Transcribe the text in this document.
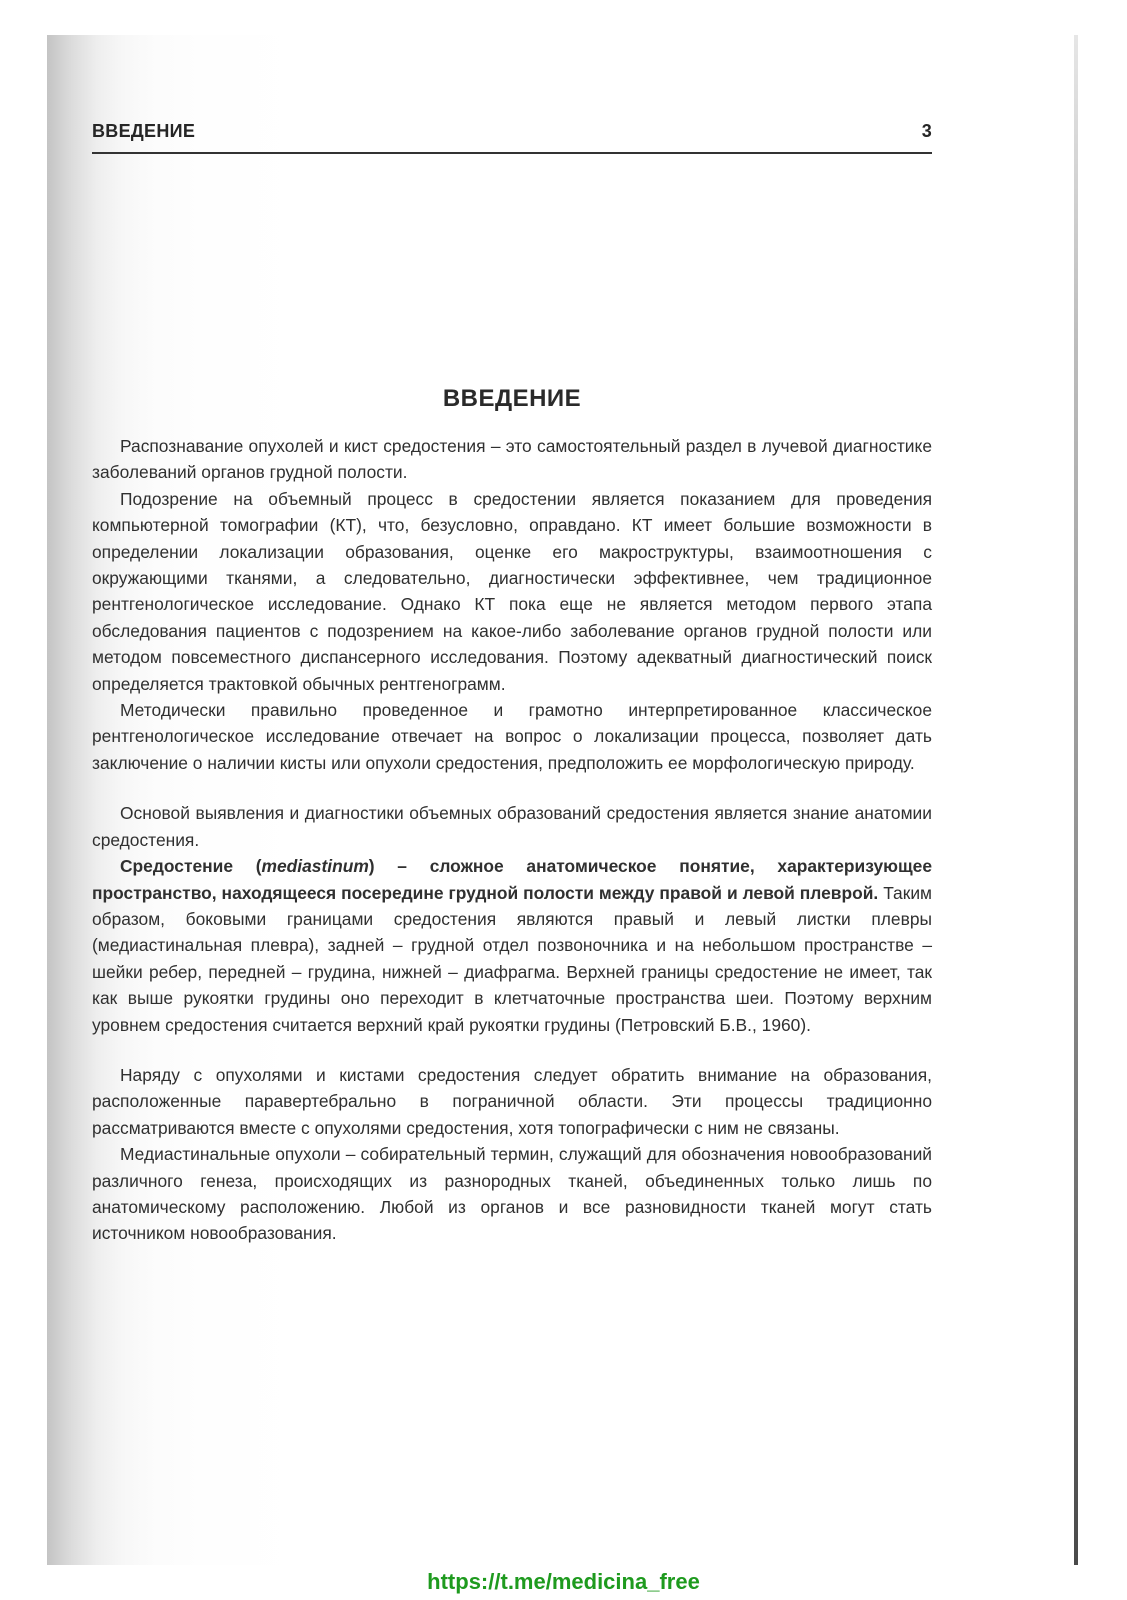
ВВЕДЕНИЕ	3
ВВЕДЕНИЕ

Распознавание опухолей и кист средостения – это самостоятельный раздел в лучевой диагностике заболеваний органов грудной полости.

Подозрение на объемный процесс в средостении является показанием для проведения компьютерной томографии (КТ), что, безусловно, оправдано. КТ имеет большие возможности в определении локализации образования, оценке его макроструктуры, взаимоотношения с окружающими тканями, а следовательно, диагностически эффективнее, чем традиционное рентгенологическое исследование. Однако КТ пока еще не является методом первого этапа обследования пациентов с подозрением на какое-либо заболевание органов грудной полости или методом повсеместного диспансерного исследования. Поэтому адекватный диагностический поиск определяется трактовкой обычных рентгенограмм.

Методически правильно проведенное и грамотно интерпретированное классическое рентгенологическое исследование отвечает на вопрос о локализации процесса, позволяет дать заключение о наличии кисты или опухоли средостения, предположить ее морфологическую природу.

Основой выявления и диагностики объемных образований средостения является знание анатомии средостения.

Средостение (mediastinum) – сложное анатомическое понятие, характеризующее пространство, находящееся посередине грудной полости между правой и левой плеврой. Таким образом, боковыми границами средостения являются правый и левый листки плевры (медиастинальная плевра), задней – грудной отдел позвоночника и на небольшом пространстве – шейки ребер, передней – грудина, нижней – диафрагма. Верхней границы средостение не имеет, так как выше рукоятки грудины оно переходит в клетчаточные пространства шеи. Поэтому верхним уровнем средостения считается верхний край рукоятки грудины (Петровский Б.В., 1960).

Наряду с опухолями и кистами средостения следует обратить внимание на образования, расположенные паравертебрально в пограничной области. Эти процессы традиционно рассматриваются вместе с опухолями средостения, хотя топографически с ним не связаны.

Медиастинальные опухоли – собирательный термин, служащий для обозначения новообразований различного генеза, происходящих из разнородных тканей, объединенных только лишь по анатомическому расположению. Любой из органов и все разновидности тканей могут стать источником новообразования.

https://t.me/medicina_free
